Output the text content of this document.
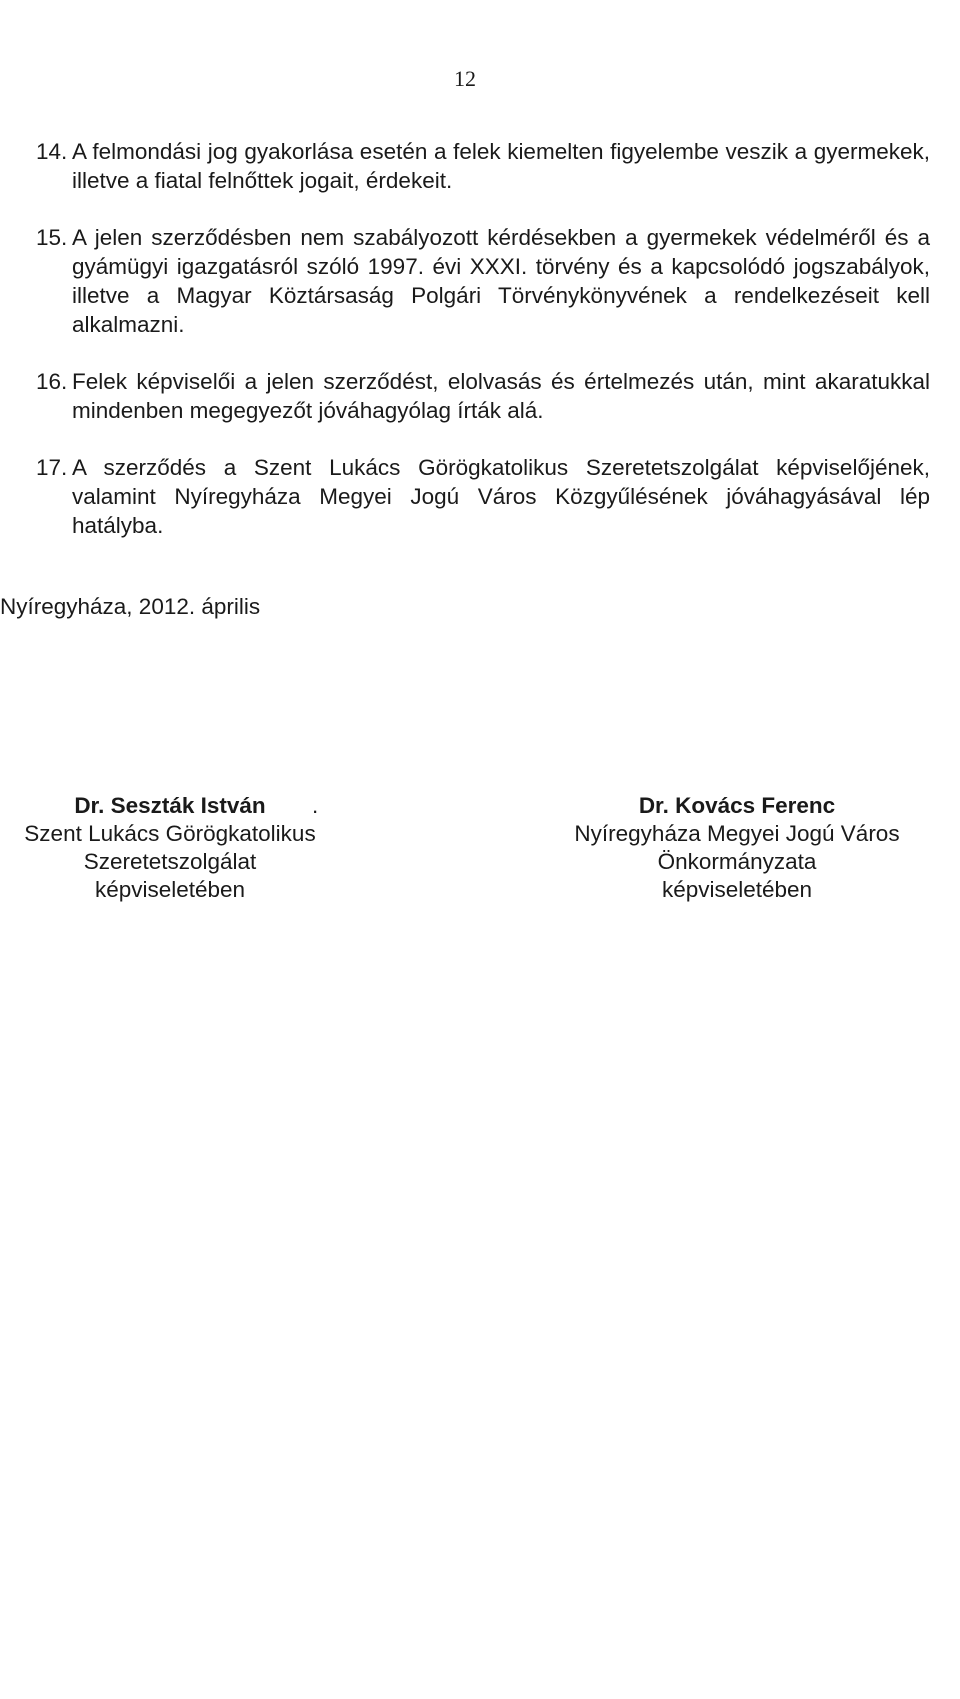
12
14. A felmondási jog gyakorlása esetén a felek kiemelten figyelembe veszik a gyermekek, illetve a fiatal felnőttek jogait, érdekeit.
15. A jelen szerződésben nem szabályozott kérdésekben a gyermekek védelméről és a gyámügyi igazgatásról szóló 1997. évi XXXI. törvény és a kapcsolódó jogszabályok, illetve a Magyar Köztársaság Polgári Törvénykönyvének a rendelkezéseit kell alkalmazni.
16. Felek képviselői a jelen szerződést, elolvasás és értelmezés után, mint akaratukkal mindenben megegyezőt jóváhagyólag írták alá.
17. A szerződés a Szent Lukács Görögkatolikus Szeretetszolgálat képviselőjének, valamint Nyíregyháza Megyei Jogú Város Közgyűlésének jóváhagyásával lép hatályba.
Nyíregyháza, 2012. április
Dr. Seszták István
Szent Lukács Görögkatolikus
Szeretetszolgálat
képviseletében
.	Dr. Kovács Ferenc
Nyíregyháza Megyei Jogú Város
Önkormányzata
képviseletében
